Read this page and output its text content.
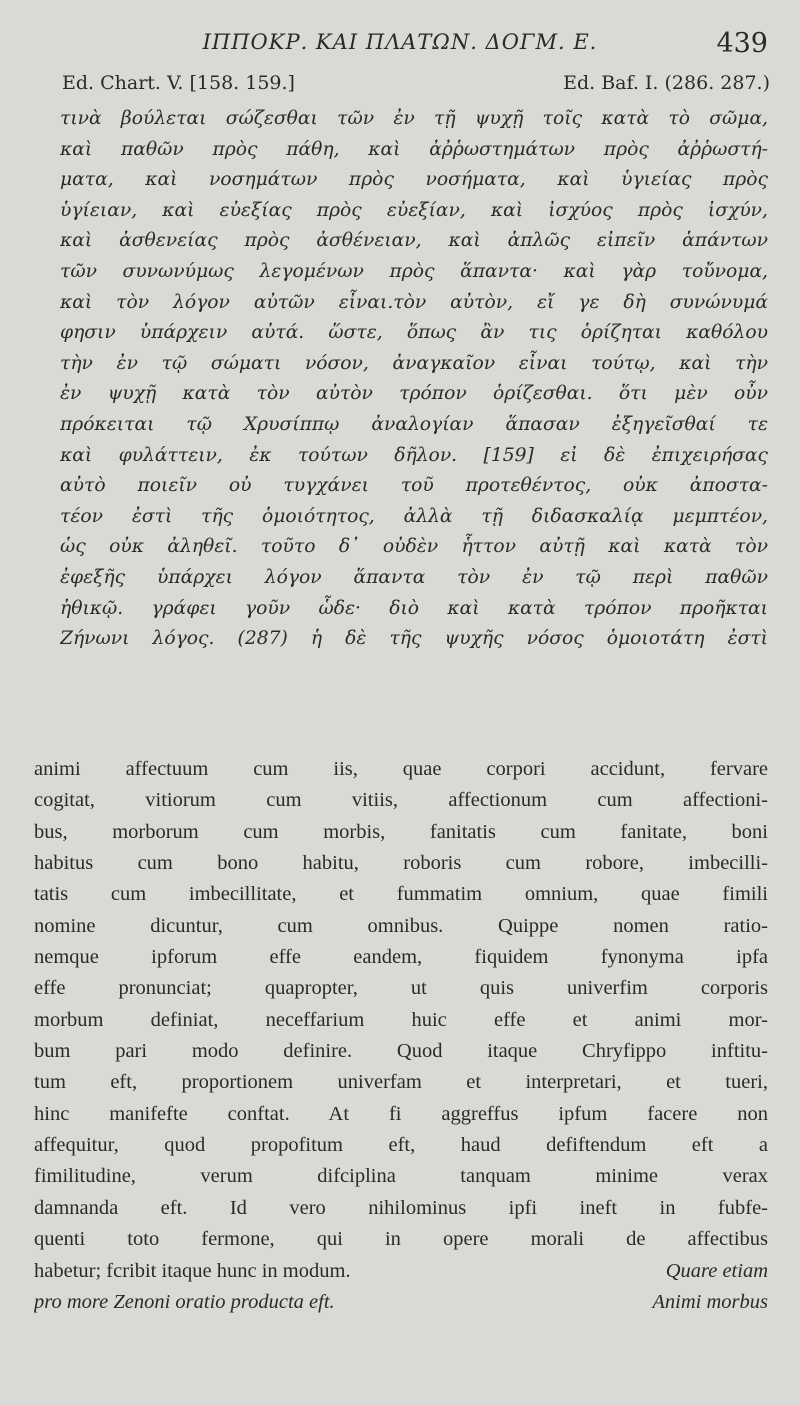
ΙΠΠΟΚΡ. ΚΑΙ ΠΛΑΤΩΝ. ΔΟΓΜ. Ε.	439
Ed. Chart. V. [158. 159.]	Ed. Baf. I. (286. 287.)
τινὰ βούλεται σώζεσθαι τῶν ἐν τῇ ψυχῇ τοῖς κατὰ τὸ σῶμα,
καὶ παθῶν πρὸς πάθη, καὶ ἀῤῥωστημάτων πρὸς ἀῤῥωστή-
ματα, καὶ νοσημάτων πρὸς νοσήματα, καὶ ὑγιείας πρὸς
ὑγίειαν, καὶ εὐεξίας πρὸς εὐεξίαν, καὶ ἰσχύος πρὸς ἰσχύν,
καὶ ἀσθενείας πρὸς ἀσθένειαν, καὶ ἁπλῶς εἰπεῖν ἁπάντων
τῶν συνωνύμως λεγομένων πρὸς ἅπαντα· καὶ γὰρ τοὔνομα,
καὶ τὸν λόγον αὐτῶν εἶναι.τὸν αὐτὸν, εἴ γε δὴ συνώνυμά
φησιν ὑπάρχειν αὐτά. ὥστε, ὅπως ἂν τις ὁρίζηται καθόλου
τὴν ἐν τῷ σώματι νόσον, ἀναγκαῖον εἶναι τούτῳ, καὶ τὴν
ἐν ψυχῇ κατὰ τὸν αὐτὸν τρόπον ὁρίζεσθαι. ὅτι μὲν οὖν
πρόκειται τῷ Χρυσίππῳ ἀναλογίαν ἅπασαν ἐξηγεῖσθαί τε
καὶ φυλάττειν, ἐκ τούτων δῆλον. [159] εἰ δὲ ἐπιχειρήσας
αὐτὸ ποιεῖν οὐ τυγχάνει τοῦ προτεθέντος, οὐκ ἀποστα-
τέον ἐστὶ τῆς ὁμοιότητος, ἀλλὰ τῇ διδασκαλίᾳ μεμπτέον,
ὡς οὐκ ἀληθεῖ. τοῦτο δ᾽ οὐδὲν ἧττον αὐτῇ καὶ κατὰ τὸν
ἐφεξῆς ὑπάρχει λόγον ἅπαντα τὸν ἐν τῷ περὶ παθῶν
ἠθικῷ. γράφει γοῦν ὧδε· διὸ καὶ κατὰ τρόπον προῆκται
Ζήνωνι λόγος. (287) ἡ δὲ τῆς ψυχῆς νόσος ὁμοιοτάτη ἐστὶ
animi affectuum cum iis, quae corpori accidunt, fervare
cogitat, vitiorum cum vitiis, affectionum cum affectioni-
bus, morborum cum morbis, fanitatis cum fanitate, boni
habitus cum bono habitu, roboris cum robore, imbecilli-
tatis cum imbecillitate, et fummatim omnium, quae fimili
nomine dicuntur, cum omnibus. Quippe nomen ratio-
nemque ipforum effe eandem, fiquidem fynonyma ipfa
effe pronunciat; quapropter, ut quis univerfim corporis
morbum definiat, neceffarium huic effe et animi mor-
bum pari modo definire. Quod itaque Chryfippo inftitu-
tum eft, proportionem univerfam et interpretari, et tueri,
hinc manifefte conftat. At fi aggreffus ipfum facere non
affequitur, quod propofitum eft, haud defiftendum eft a
fimilitudine, verum difciplina tanquam minime verax
damnanda eft. Id vero nihilominus ipfi ineft in fubfe-
quenti toto fermone, qui in opere morali de affectibus
habetur; fcribit itaque hunc in modum.	Quare etiam
pro more Zenoni oratio producta eft.	Animi morbus
